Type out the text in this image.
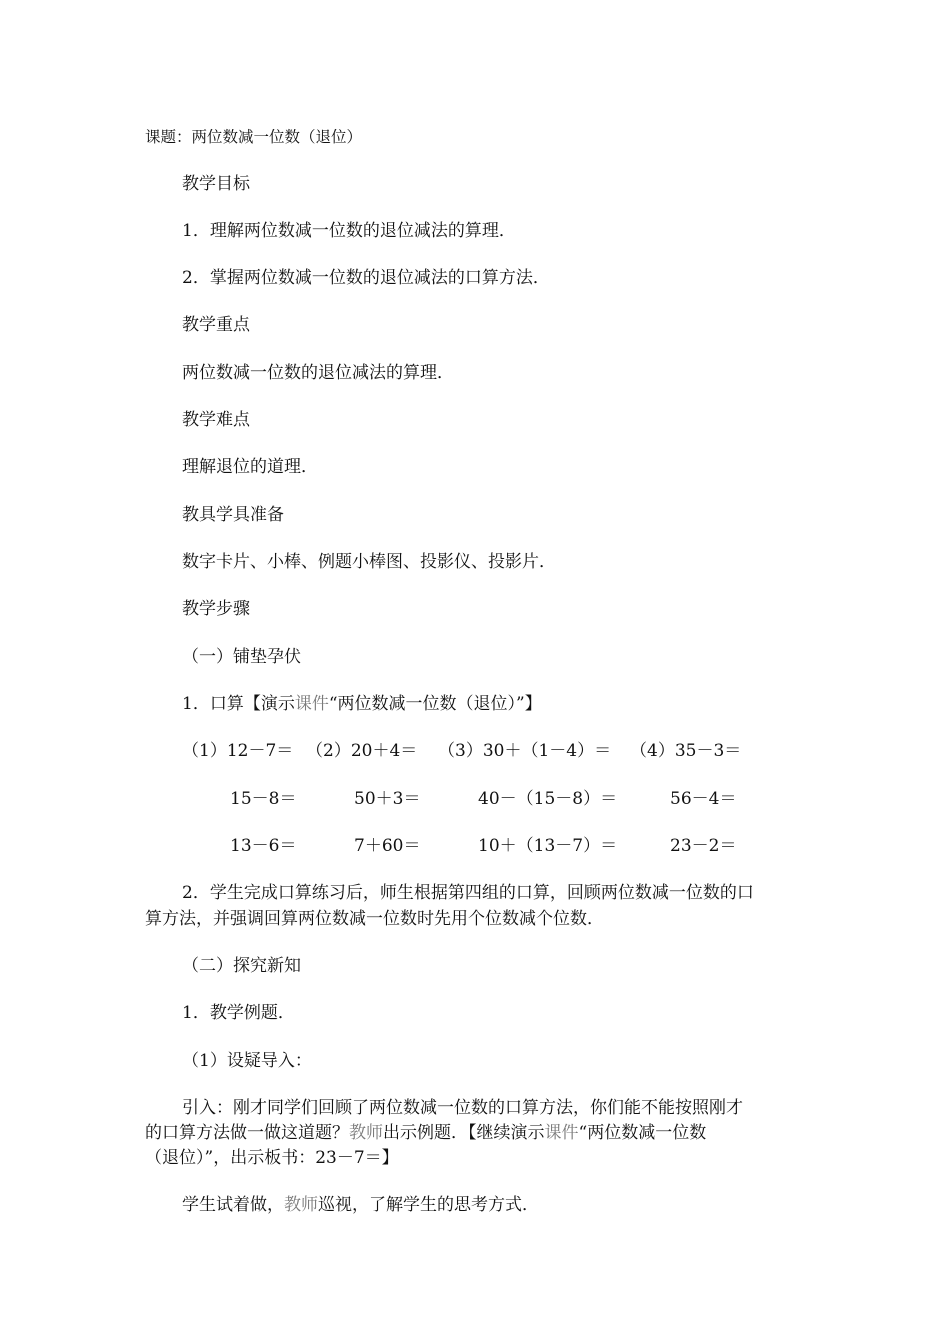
课题：两位数减一位数（退位）
教学目标
1．理解两位数减一位数的退位减法的算理．
2．掌握两位数减一位数的退位减法的口算方法．
教学重点
两位数减一位数的退位减法的算理．
教学难点
理解退位的道理．
教具学具准备
数字卡片、小棒、例题小棒图、投影仪、投影片．
教学步骤
（一）铺垫孕伏
1．口算【演示课件“两位数减一位数（退位）”】
（1）12－7＝ （2）20＋4＝ （3）30＋（1－4）＝ （4）35－3＝
15－8＝	50＋3＝	40－（15－8）＝	56－4＝
13－6＝	7＋60＝	10＋（13－7）＝	23－2＝
2．学生完成口算练习后，师生根据第四组的口算，回顾两位数减一位数的口
算方法，并强调回算两位数减一位数时先用个位数减个位数．
（二）探究新知
1．教学例题．
（1）设疑导入：
引入：刚才同学们回顾了两位数减一位数的口算方法，你们能不能按照刚才
的口算方法做一做这道题？教师出示例题．【继续演示课件“两位数减一位数
（退位）”，出示板书：23－7＝】
学生试着做，教师巡视，了解学生的思考方式．
